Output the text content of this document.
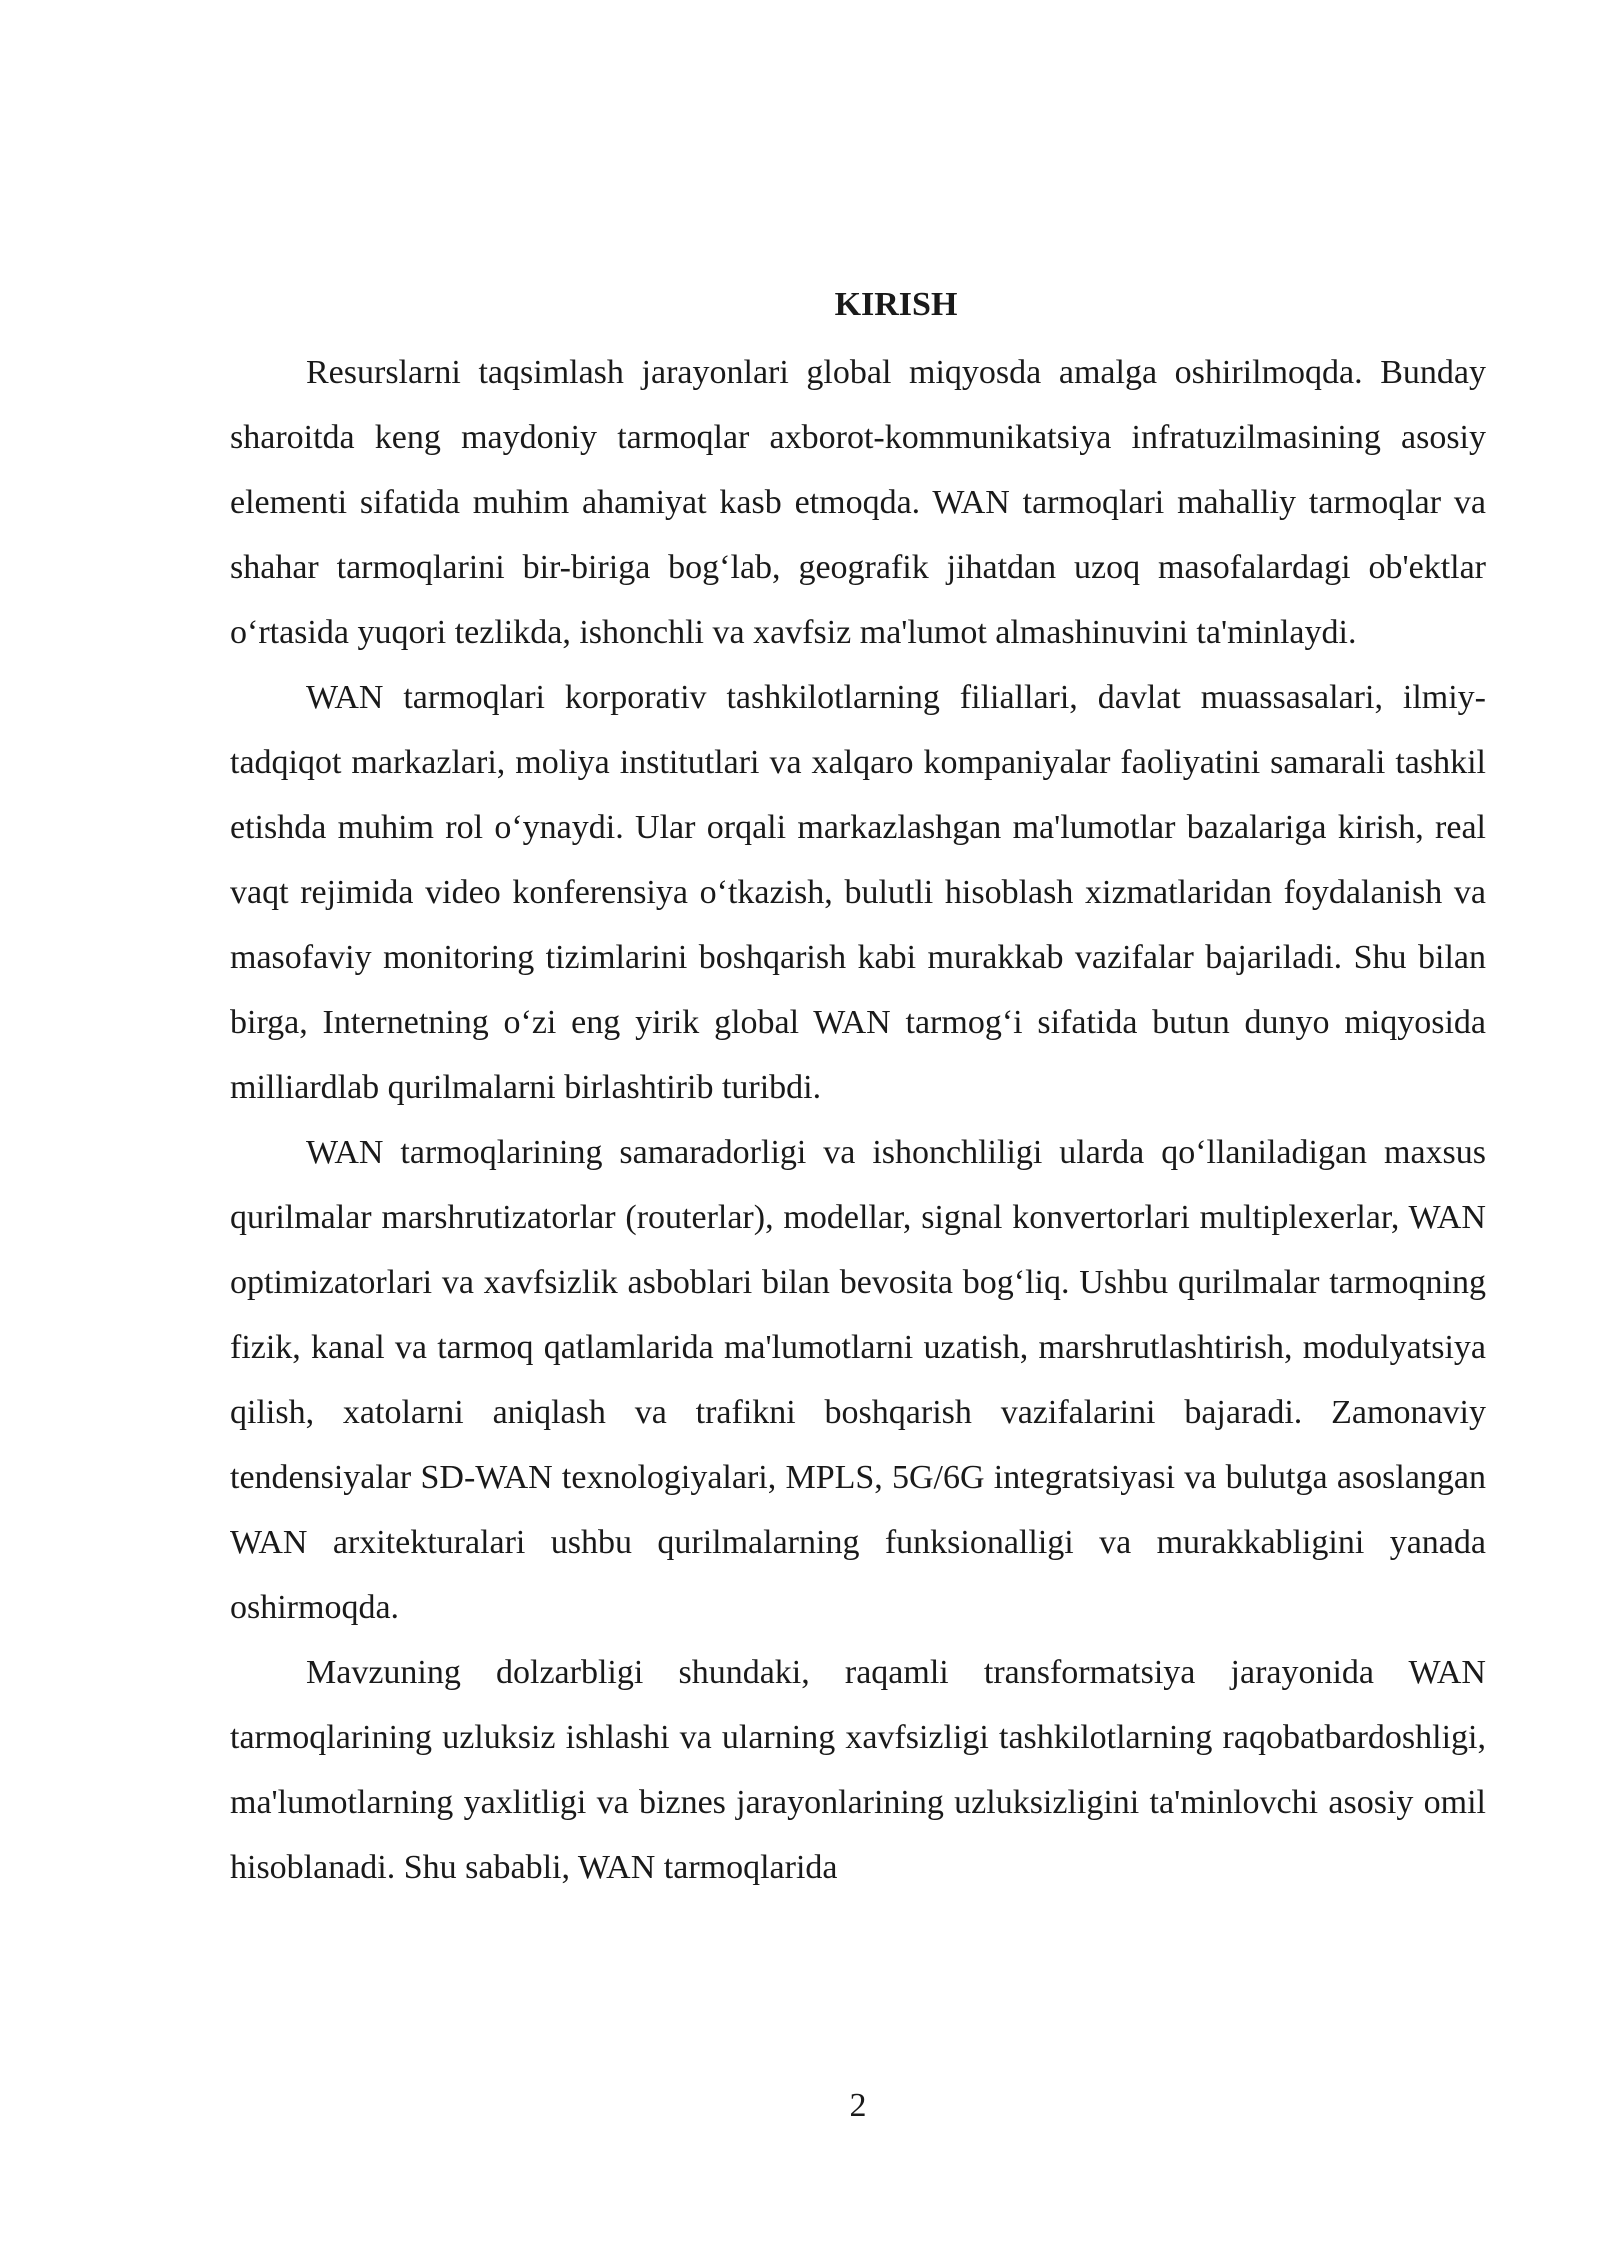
KIRISH

Resurslarni taqsimlash jarayonlari global miqyosda amalga oshirilmoqda. Bunday sharoitda keng maydoniy tarmoqlar axborot-kommunikatsiya infratuzilmasining asosiy elementi sifatida muhim ahamiyat kasb etmoqda. WAN tarmoqlari mahalliy tarmoqlar va shahar tarmoqlarini bir-biriga bog‘lab, geografik jihatdan uzoq masofalardagi ob'ektlar o‘rtasida yuqori tezlikda, ishonchli va xavfsiz ma'lumot almashinuvini ta'minlaydi.

WAN tarmoqlari korporativ tashkilotlarning filiallari, davlat muassasalari, ilmiy-tadqiqot markazlari, moliya institutlari va xalqaro kompaniyalar faoliyatini samarali tashkil etishda muhim rol o‘ynaydi. Ular orqali markazlashgan ma'lumotlar bazalariga kirish, real vaqt rejimida video konferensiya o‘tkazish, bulutli hisoblash xizmatlaridan foydalanish va masofaviy monitoring tizimlarini boshqarish kabi murakkab vazifalar bajariladi. Shu bilan birga, Internetning o‘zi eng yirik global WAN tarmog‘i sifatida butun dunyo miqyosida milliardlab qurilmalarni birlashtirib turibdi.

WAN tarmoqlarining samaradorligi va ishonchliligi ularda qo‘llaniladigan maxsus qurilmalar marshrutizatorlar (routerlar), modellar, signal konvertorlari multiplexerlar, WAN optimizatorlari va xavfsizlik asboblari bilan bevosita bog‘liq. Ushbu qurilmalar tarmoqning fizik, kanal va tarmoq qatlamlarida ma'lumotlarni uzatish, marshrutlashtirish, modulyatsiya qilish, xatolarni aniqlash va trafikni boshqarish vazifalarini bajaradi. Zamonaviy tendensiyalar SD-WAN texnologiyalari, MPLS, 5G/6G integratsiyasi va bulutga asoslangan WAN arxitekturalari ushbu qurilmalarning funksionalligi va murakkabligini yanada oshirmoqda.

Mavzuning dolzarbligi shundaki, raqamli transformatsiya jarayonida WAN tarmoqlarining uzluksiz ishlashi va ularning xavfsizligi tashkilotlarning raqobatbardoshligi, ma'lumotlarning yaxlitligi va biznes jarayonlarining uzluksizligini ta'minlovchi asosiy omil hisoblanadi. Shu sababli, WAN tarmoqlarida

2
